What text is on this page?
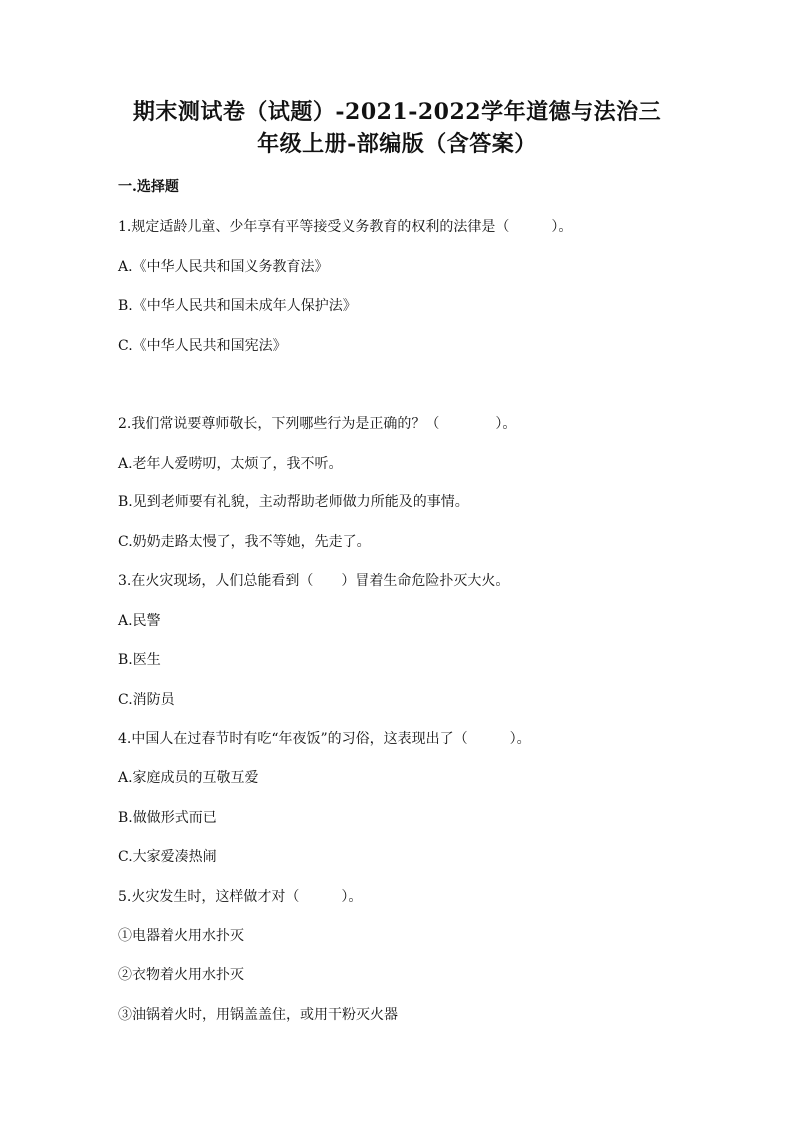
期末测试卷（试题）-2021-2022学年道德与法治三
年级上册-部编版（含答案）
一.选择题
1.规定适龄儿童、少年享有平等接受义务教育的权利的法律是（　　　）。
A.《中华人民共和国义务教育法》
B.《中华人民共和国未成年人保护法》
C.《中华人民共和国宪法》
2.我们常说要尊师敬长，下列哪些行为是正确的？（　　　　）。
A.老年人爱唠叨，太烦了，我不听。
B.见到老师要有礼貌，主动帮助老师做力所能及的事情。
C.奶奶走路太慢了，我不等她，先走了。
3.在火灾现场，人们总能看到（　　）冒着生命危险扑灭大火。
A.民警
B.医生
C.消防员
4.中国人在过春节时有吃“年夜饭”的习俗，这表现出了（　　　）。
A.家庭成员的互敬互爱
B.做做形式而已
C.大家爱凑热闹
5.火灾发生时，这样做才对（　　　）。
①电器着火用水扑灭
②衣物着火用水扑灭
③油锅着火时，用锅盖盖住，或用干粉灭火器
